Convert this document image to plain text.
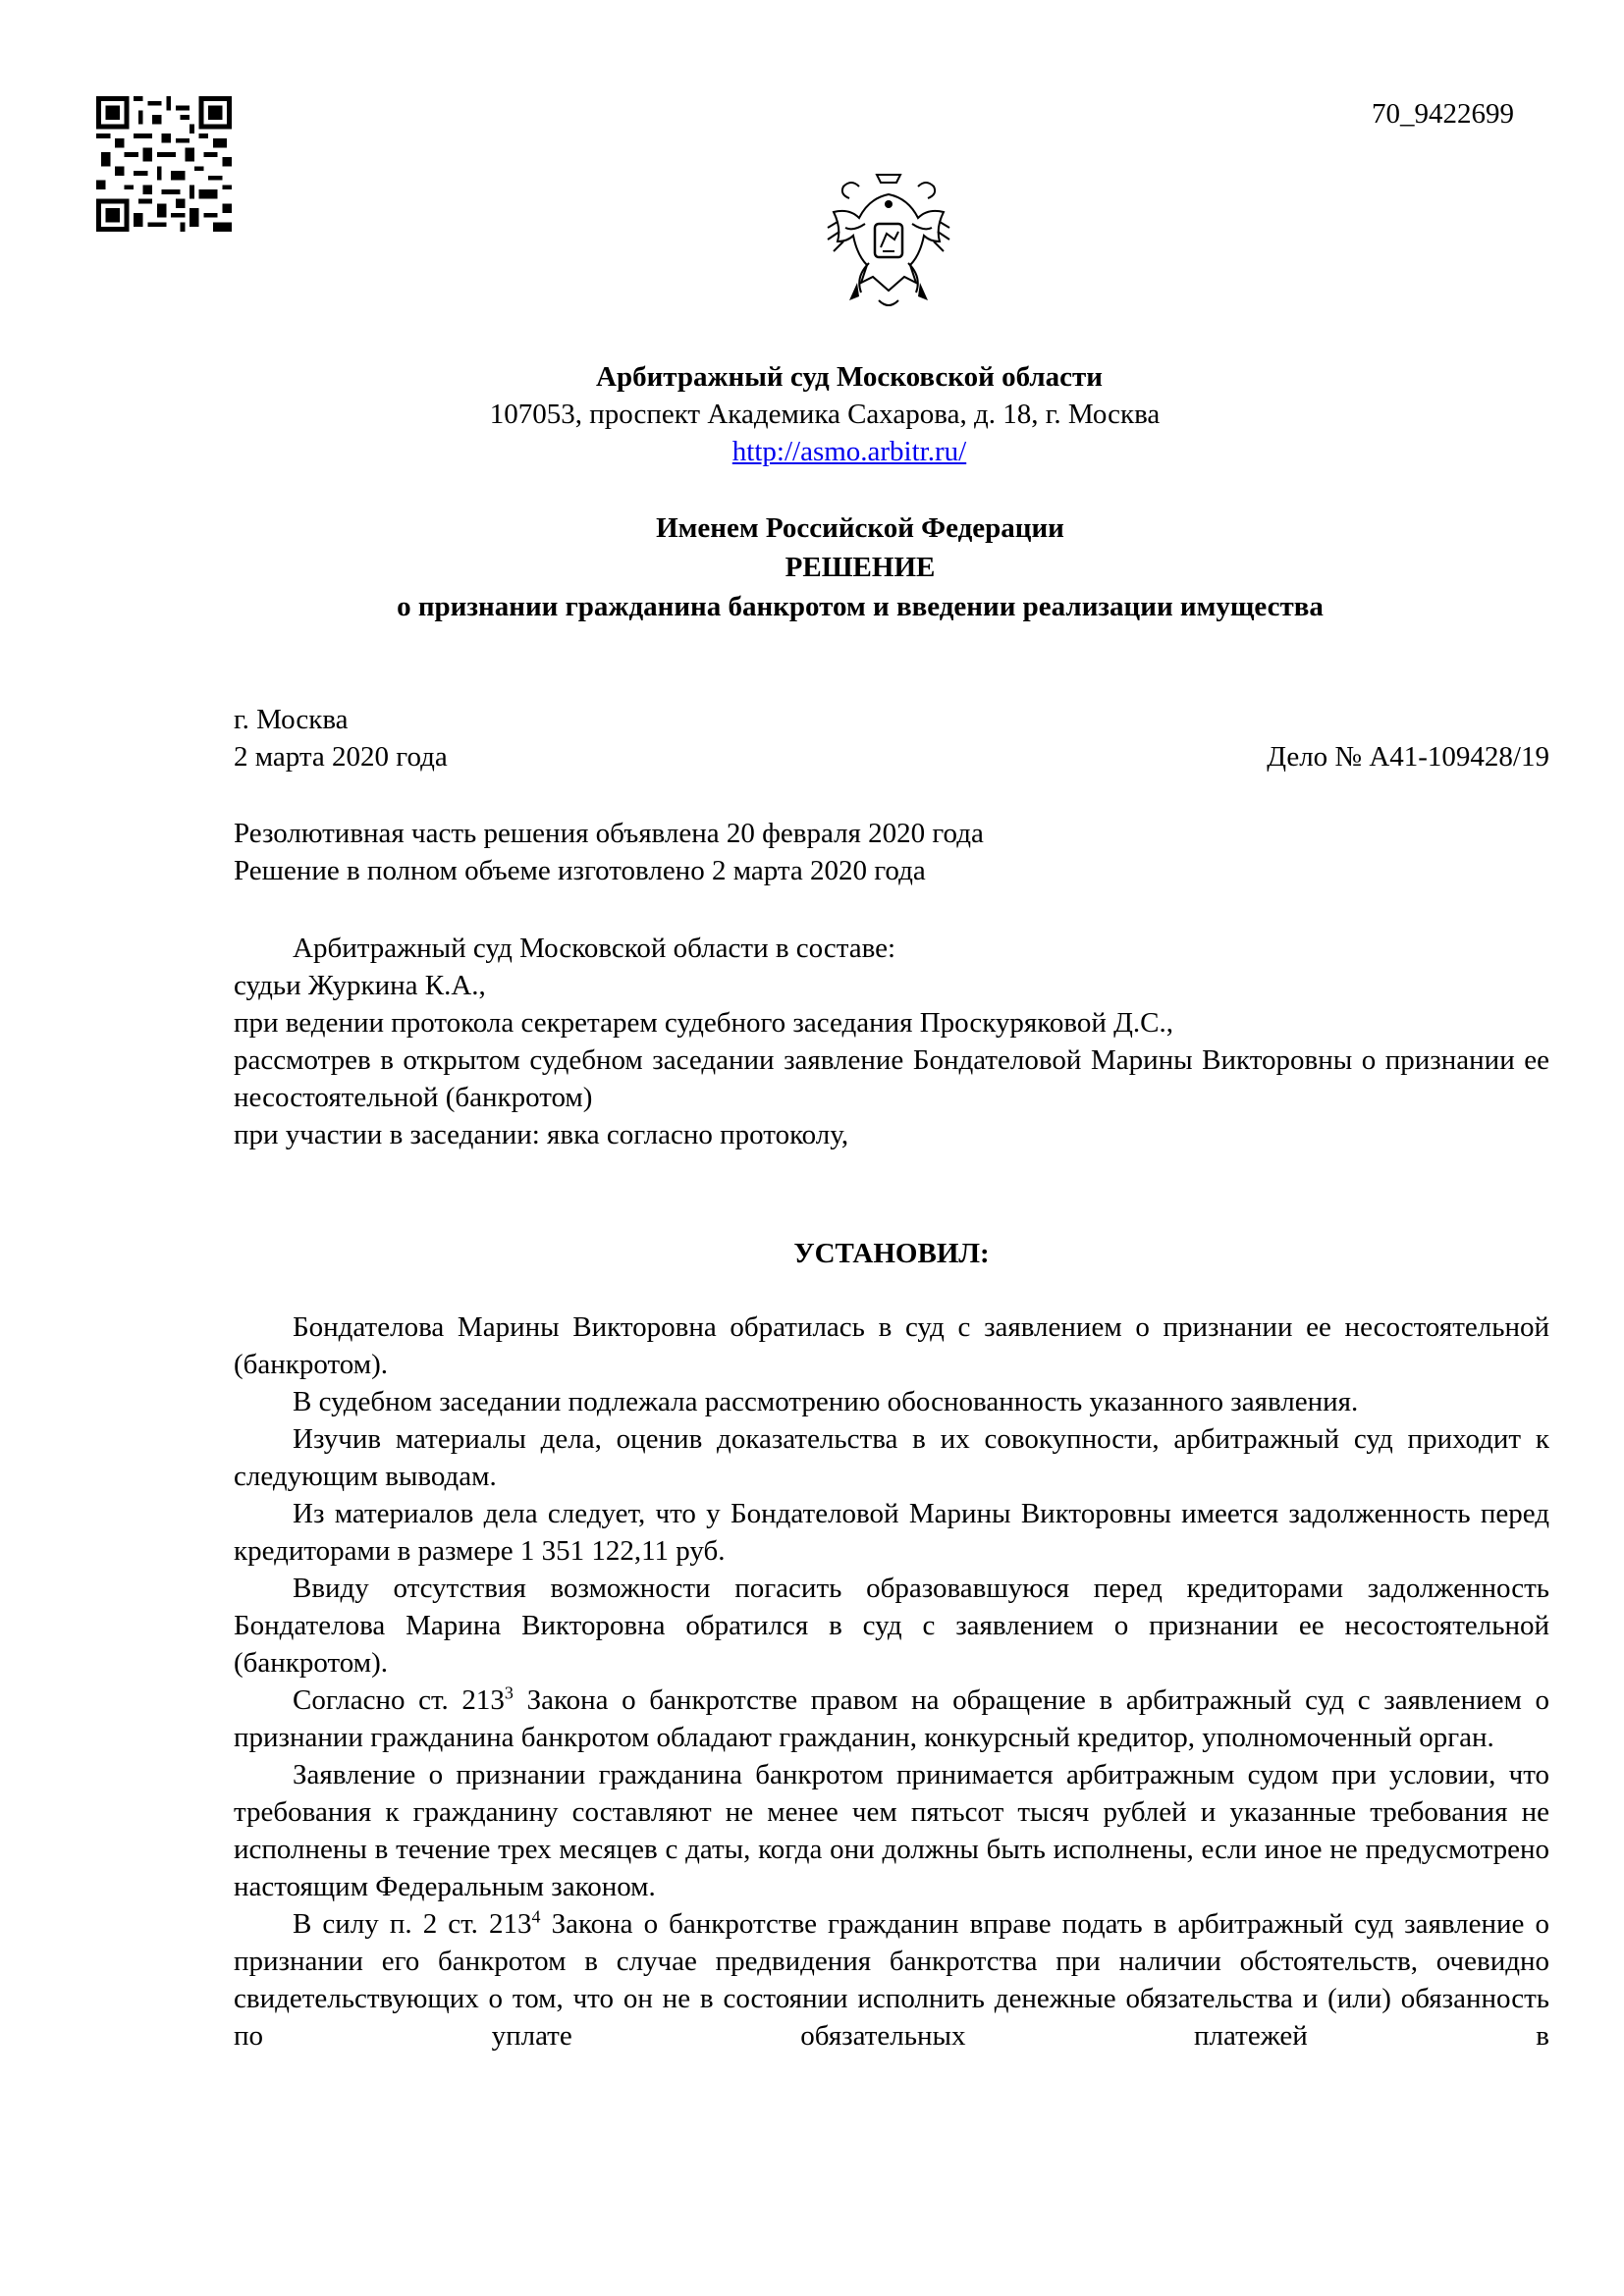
70_9422699
Арбитражный суд Московской области
107053, проспект Академика Сахарова, д. 18, г. Москва
http://asmo.arbitr.ru/
Именем Российской Федерации
РЕШЕНИЕ
о признании гражданина банкротом и введении реализации имущества
г. Москва
2 марта 2020 года	Дело № А41-109428/19
Резолютивная часть решения объявлена 20 февраля 2020 года
Решение в полном объеме изготовлено 2 марта 2020 года
Арбитражный суд Московской области в составе:
судьи Журкина К.А.,
при ведении протокола секретарем судебного заседания Проскуряковой Д.С.,
рассмотрев в открытом судебном заседании заявление Бондателовой Марины Викторовны о признании ее несостоятельной (банкротом)
при участии в заседании: явка согласно протоколу,
УСТАНОВИЛ:
Бондателова Марины Викторовна обратилась в суд с заявлением о признании ее несостоятельной (банкротом).
В судебном заседании подлежала рассмотрению обоснованность указанного заявления.
Изучив материалы дела, оценив доказательства в их совокупности, арбитражный суд приходит к следующим выводам.
Из материалов дела следует, что у Бондателовой Марины Викторовны имеется задолженность перед кредиторами в размере 1 351 122,11 руб.
Ввиду отсутствия возможности погасить образовавшуюся перед кредиторами задолженность Бондателова Марина Викторовна обратился в суд с заявлением о признании ее несостоятельной (банкротом).
Согласно ст. $213^3$ Закона о банкротстве правом на обращение в арбитражный суд с заявлением о признании гражданина банкротом обладают гражданин, конкурсный кредитор, уполномоченный орган.
Заявление о признании гражданина банкротом принимается арбитражным судом при условии, что требования к гражданину составляют не менее чем пятьсот тысяч рублей и указанные требования не исполнены в течение трех месяцев с даты, когда они должны быть исполнены, если иное не предусмотрено настоящим Федеральным законом.
В силу п. 2 ст. $213^4$ Закона о банкротстве гражданин вправе подать в арбитражный суд заявление о признании его банкротом в случае предвидения банкротства при наличии обстоятельств, очевидно свидетельствующих о том, что он не в состоянии исполнить денежные обязательства и (или) обязанность по уплате обязательных платежей в
